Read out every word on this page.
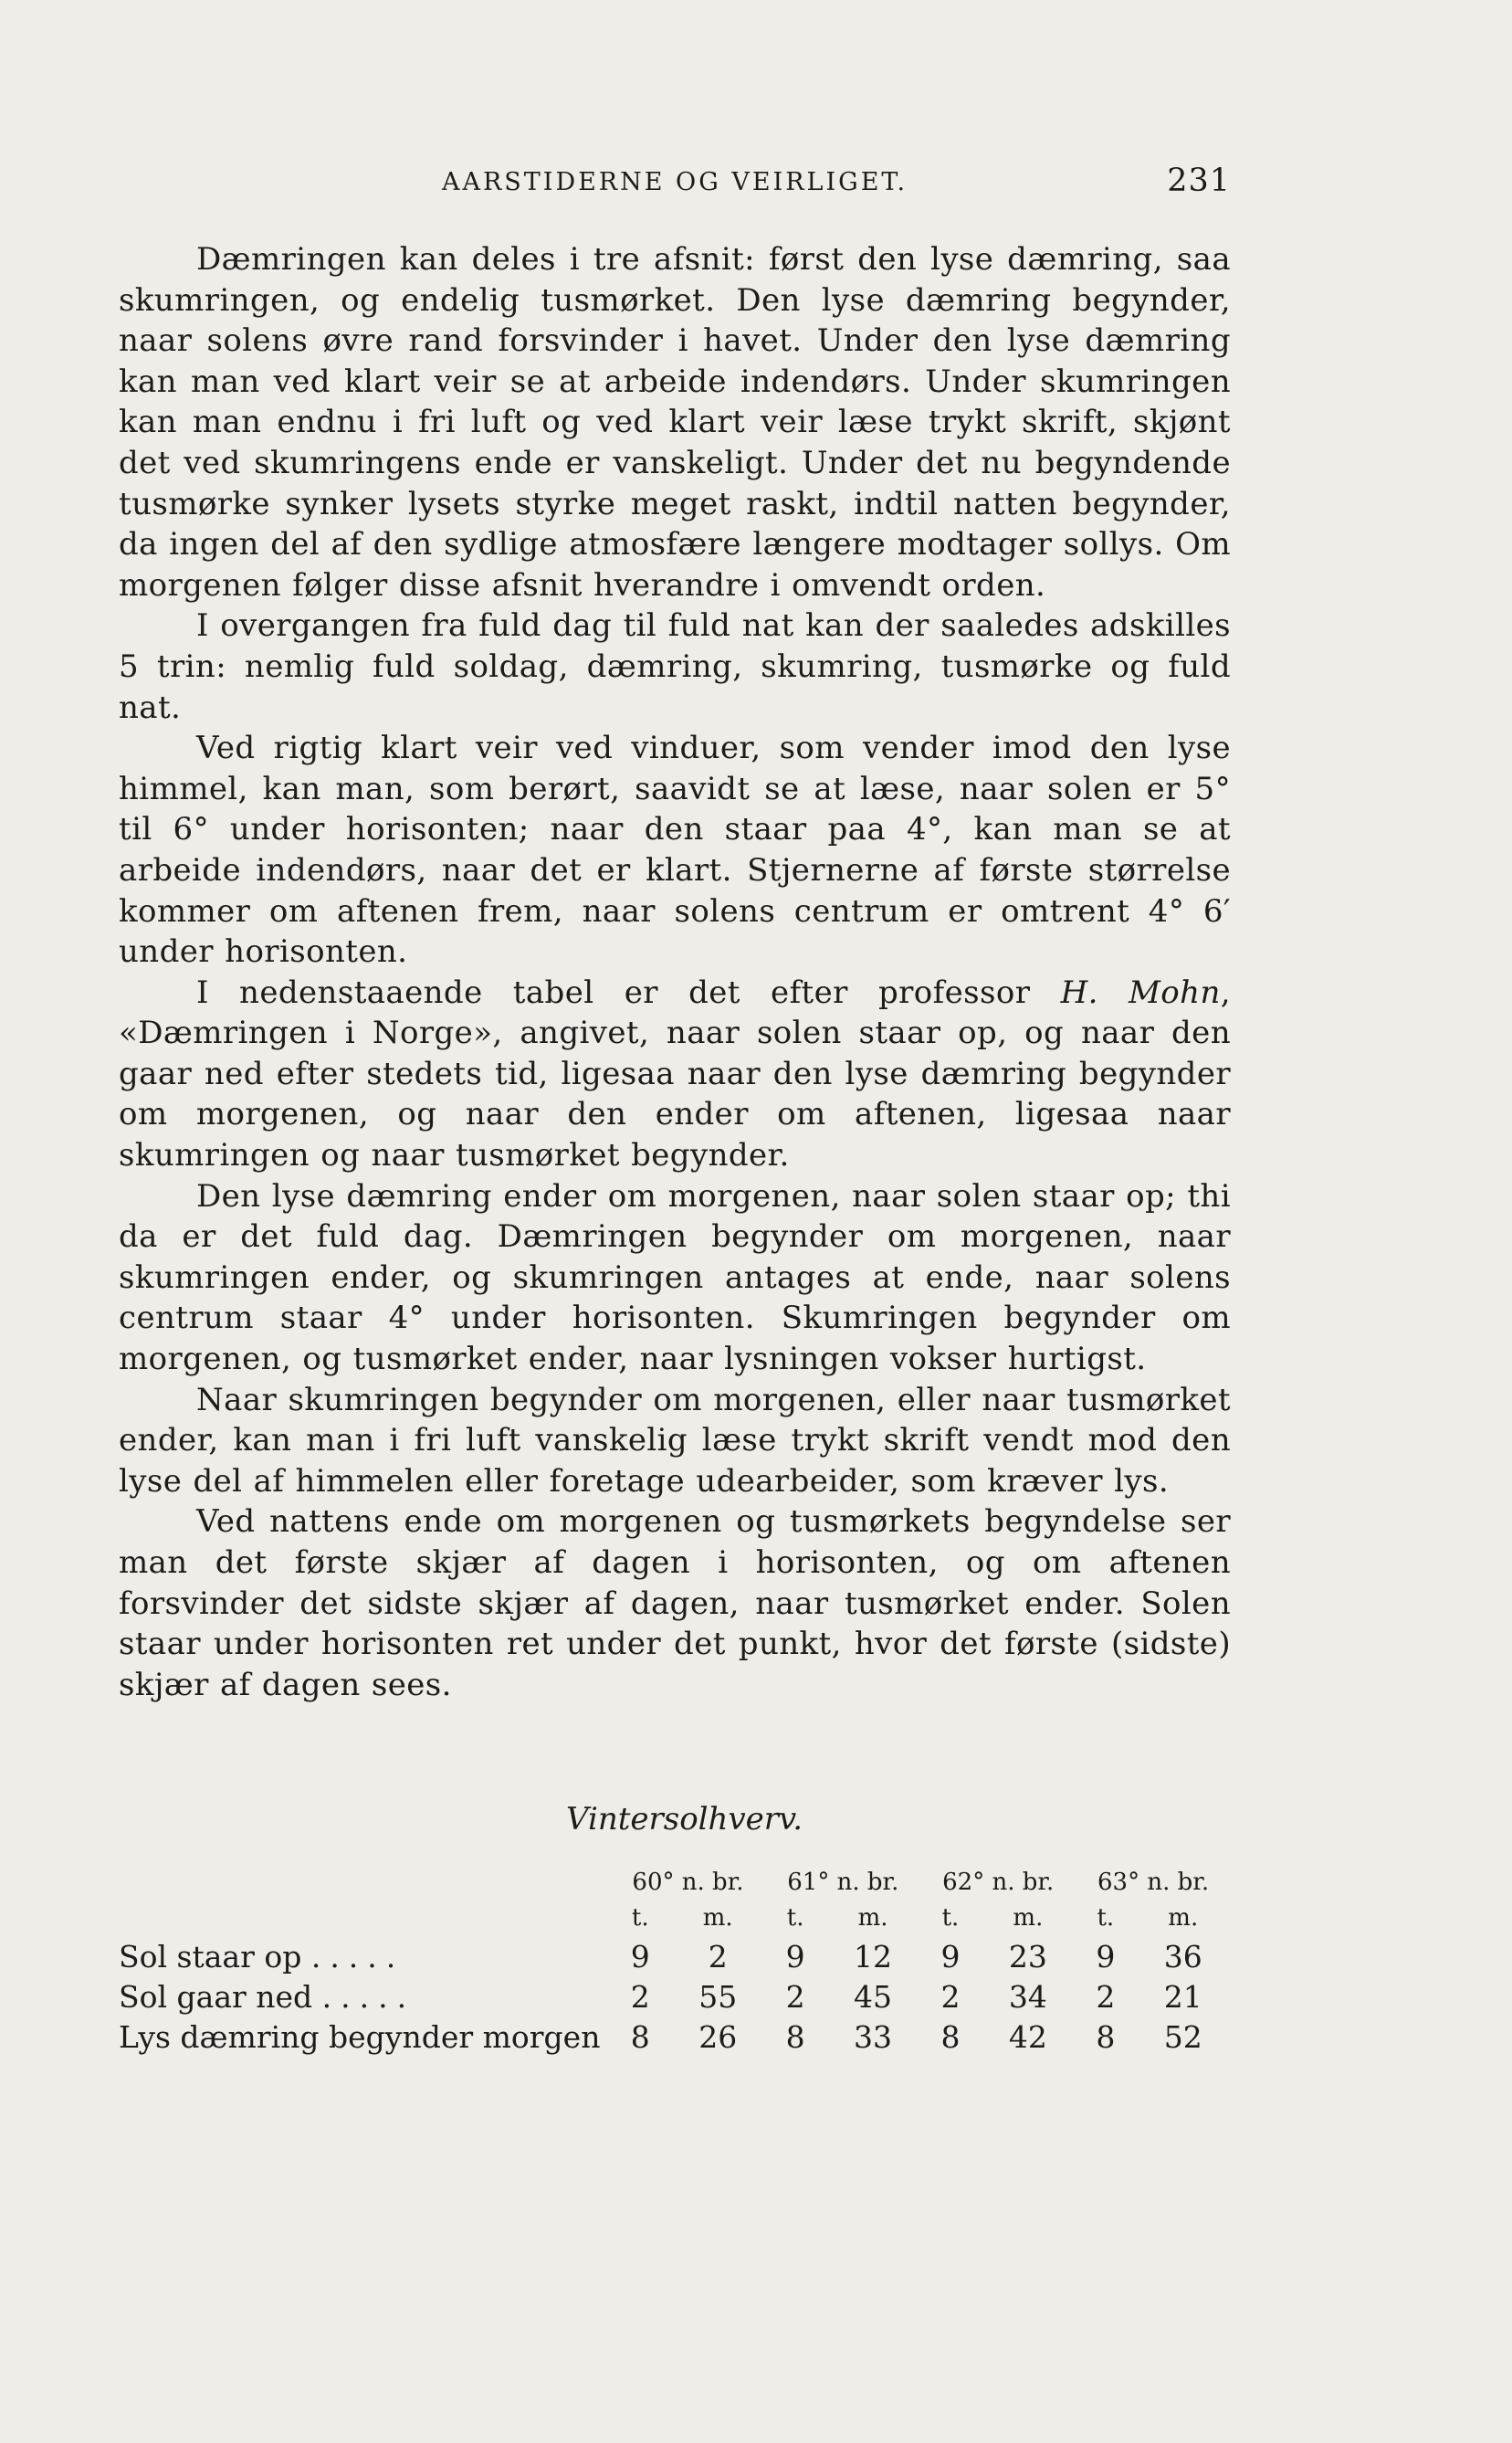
AARSTIDERNE OG VEIRLIGET.	231

Dæmringen kan deles i tre afsnit: først den lyse dæmring, saa skumringen, og endelig tusmørket. Den lyse dæmring begynder, naar solens øvre rand forsvinder i havet. Under den lyse dæmring kan man ved klart veir se at arbeide indendørs. Under skumringen kan man endnu i fri luft og ved klart veir læse trykt skrift, skjønt det ved skumringens ende er vanskeligt. Under det nu begyndende tusmørke synker lysets styrke meget raskt, indtil natten begynder, da ingen del af den sydlige atmosfære længere modtager sollys. Om morgenen følger disse afsnit hverandre i omvendt orden.

I overgangen fra fuld dag til fuld nat kan der saaledes adskilles 5 trin: nemlig fuld soldag, dæmring, skumring, tusmørke og fuld nat.

Ved rigtig klart veir ved vinduer, som vender imod den lyse himmel, kan man, som berørt, saavidt se at læse, naar solen er 5° til 6° under horisonten; naar den staar paa 4°, kan man se at arbeide indendørs, naar det er klart. Stjernerne af første størrelse kommer om aftenen frem, naar solens centrum er omtrent 4° 6′ under horisonten.

I nedenstaaende tabel er det efter professor H. Mohn, «Dæmringen i Norge», angivet, naar solen staar op, og naar den gaar ned efter stedets tid, ligesaa naar den lyse dæmring begynder om morgenen, og naar den ender om aftenen, ligesaa naar skumringen og naar tusmørket begynder.

Den lyse dæmring ender om morgenen, naar solen staar op; thi da er det fuld dag. Dæmringen begynder om morgenen, naar skumringen ender, og skumringen antages at ende, naar solens centrum staar 4° under horisonten. Skumringen begynder om morgenen, og tusmørket ender, naar lysningen vokser hurtigst.

Naar skumringen begynder om morgenen, eller naar tusmørket ender, kan man i fri luft vanskelig læse trykt skrift vendt mod den lyse del af himmelen eller foretage udearbeider, som kræver lys.

Ved nattens ende om morgenen og tusmørkets begyndelse ser man det første skjær af dagen i horisonten, og om aftenen forsvinder det sidste skjær af dagen, naar tusmørket ender. Solen staar under horisonten ret under det punkt, hvor det første (sidste) skjær af dagen sees.

Vintersolhverv.
	60° n. br.		61° n. br.		62° n. br.		63° n. br.	
	t.	m.	t.	m.	t.	m.	t.	m.
Sol staar op .....	9	2	9	12	9	23	9	36
Sol gaar ned .....	2	55	2	45	2	34	2	21
Lys dæmring begynder morgen	8	26	8	33	8	42	8	52
